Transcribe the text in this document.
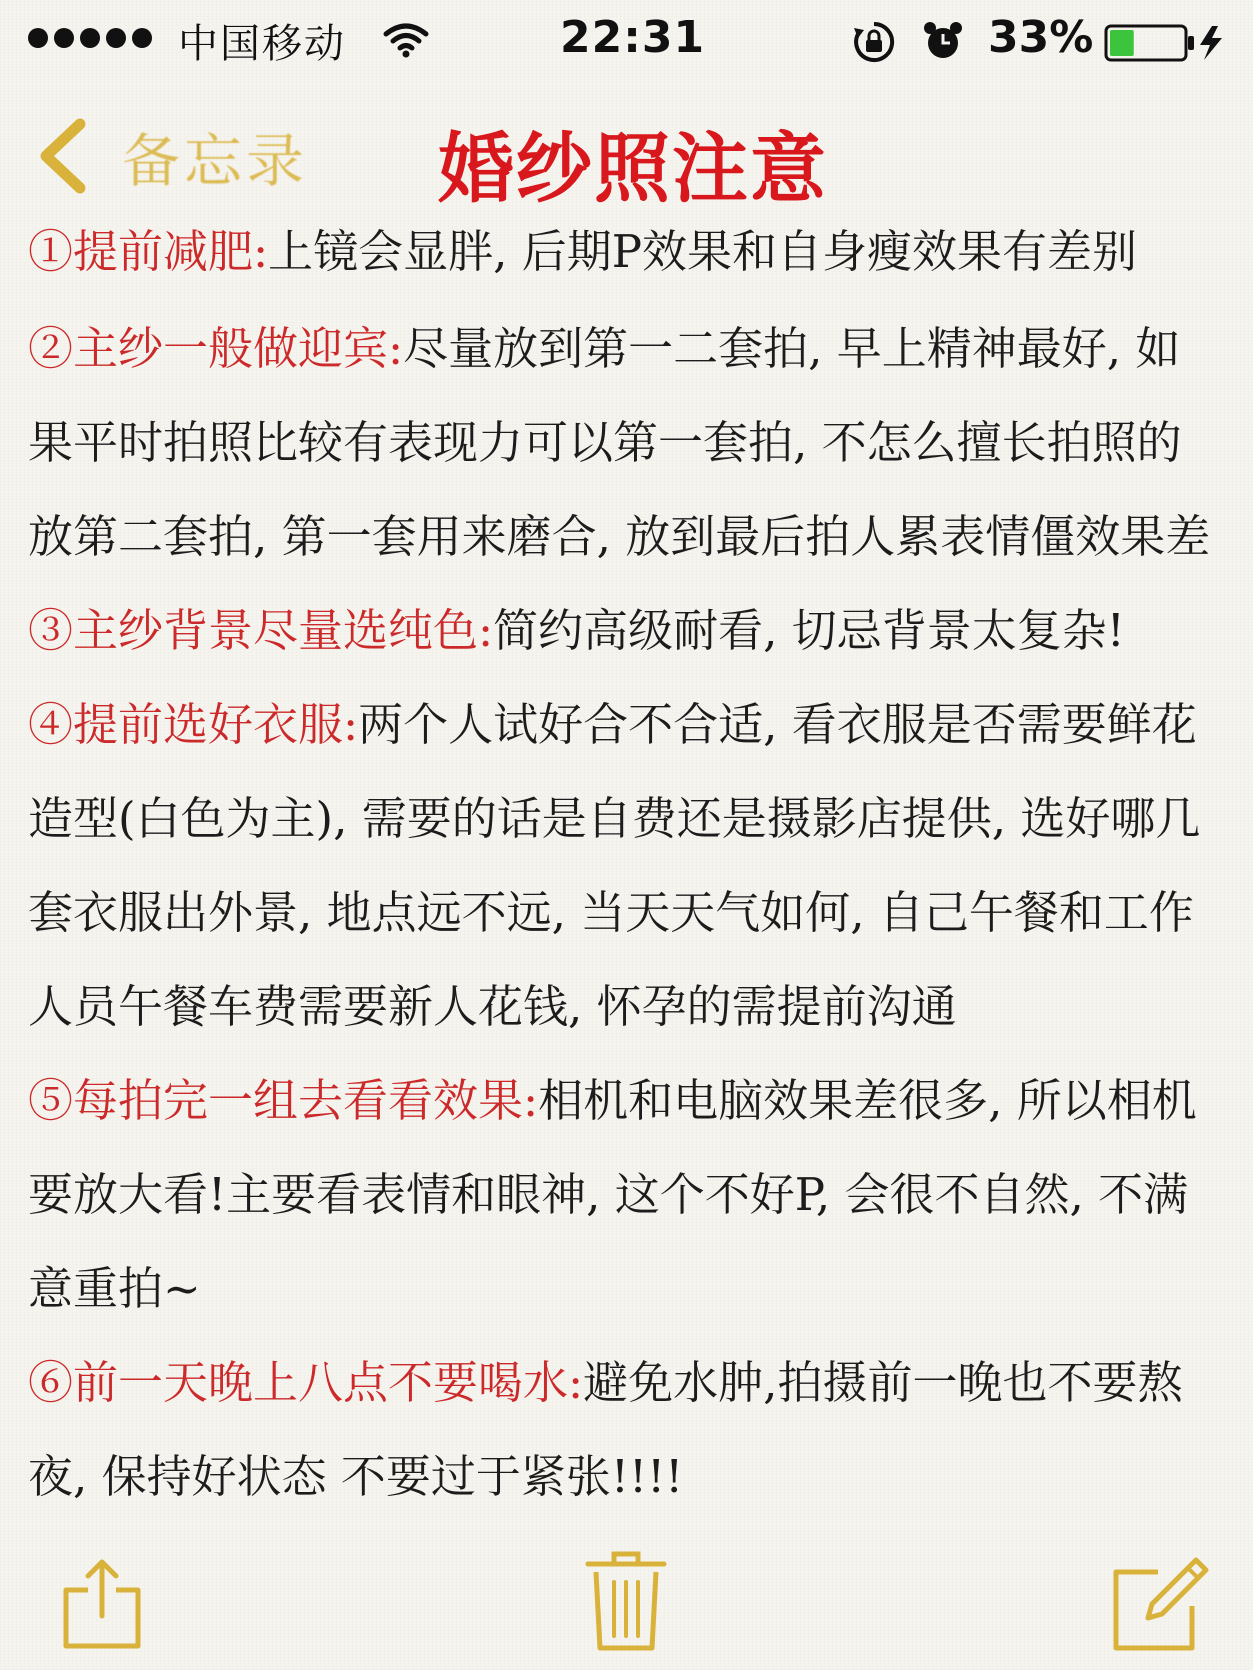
中国移动	22:31	33%
备忘录 婚纱照注意
①提前减肥:上镜会显胖, 后期P效果和自身瘦效果有差别
②主纱一般做迎宾:尽量放到第一二套拍, 早上精神最好, 如
果平时拍照比较有表现力可以第一套拍, 不怎么擅长拍照的
放第二套拍, 第一套用来磨合, 放到最后拍人累表情僵效果差
③主纱背景尽量选纯色:简约高级耐看, 切忌背景太复杂!
④提前选好衣服:两个人试好合不合适, 看衣服是否需要鲜花
造型(白色为主), 需要的话是自费还是摄影店提供, 选好哪几
套衣服出外景, 地点远不远, 当天天气如何, 自己午餐和工作
人员午餐车费需要新人花钱, 怀孕的需提前沟通
⑤每拍完一组去看看效果:相机和电脑效果差很多, 所以相机
要放大看!主要看表情和眼神, 这个不好P, 会很不自然, 不满
意重拍~
⑥前一天晚上八点不要喝水:避免水肿,拍摄前一晚也不要熬
夜, 保持好状态 不要过于紧张!!!!
